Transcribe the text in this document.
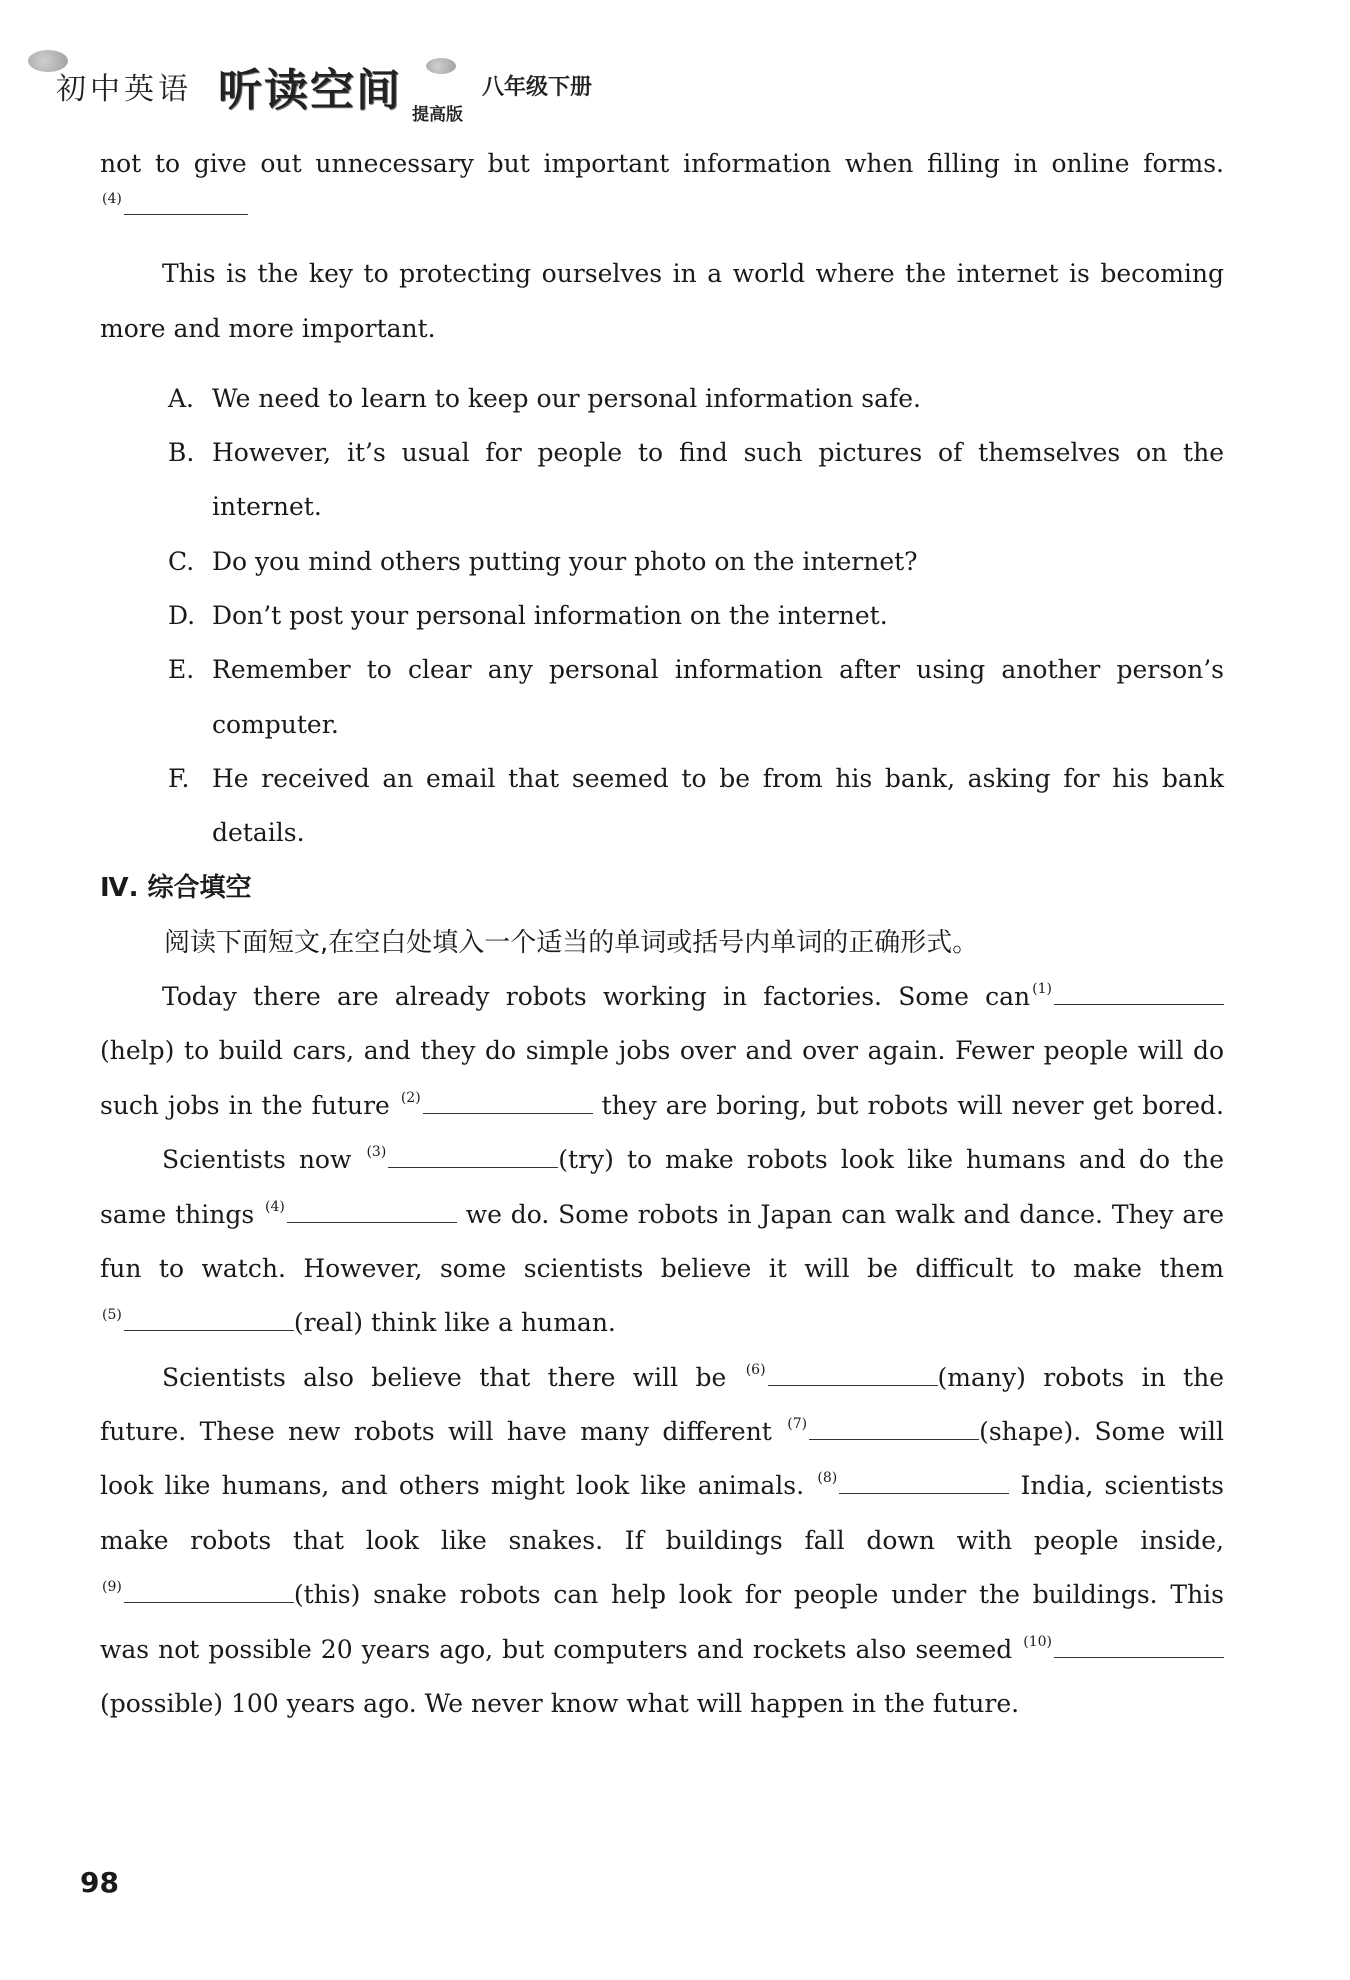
初中英语 听读空间 提高版
八年级下册
not to give out unnecessary but important information when filling in online forms.
$^{(4)}$
This is the key to protecting ourselves in a world where the internet is becoming
more and more important.
A. We need to learn to keep our personal information safe.
B. However, it’s usual for people to find such pictures of themselves on the
internet.
C. Do you mind others putting your photo on the internet?
D. Don’t post your personal information on the internet.
E. Remember to clear any personal information after using another person’s
computer.
F. He received an email that seemed to be from his bank, asking for his bank
details.
Ⅳ. 综合填空
阅读下面短文,在空白处填入一个适当的单词或括号内单词的正确形式。
Today there are already robots working in factories. Some can $^{(1)}$
(help) to build cars, and they do simple jobs over and over again. Fewer people will do
such jobs in the future $^{(2)}$	they are boring, but robots will never get bored.
Scientists now $^{(3)}$	(try) to make robots look like humans and do the
same things $^{(4)}$	we do. Some robots in Japan can walk and dance. They are
fun to watch. However, some scientists believe it will be difficult to make them
$^{(5)}$	(real) think like a human.
Scientists also believe that there will be $^{(6)}$	(many) robots in the
future. These new robots will have many different $^{(7)}$	(shape). Some will
look like humans, and others might look like animals. $^{(8)}$	India, scientists
make robots that look like snakes. If buildings fall down with people inside,
$^{(9)}$	(this) snake robots can help look for people under the buildings. This
was not possible 20 years ago, but computers and rockets also seemed $^{(10)}$
(possible) 100 years ago. We never know what will happen in the future.
98
